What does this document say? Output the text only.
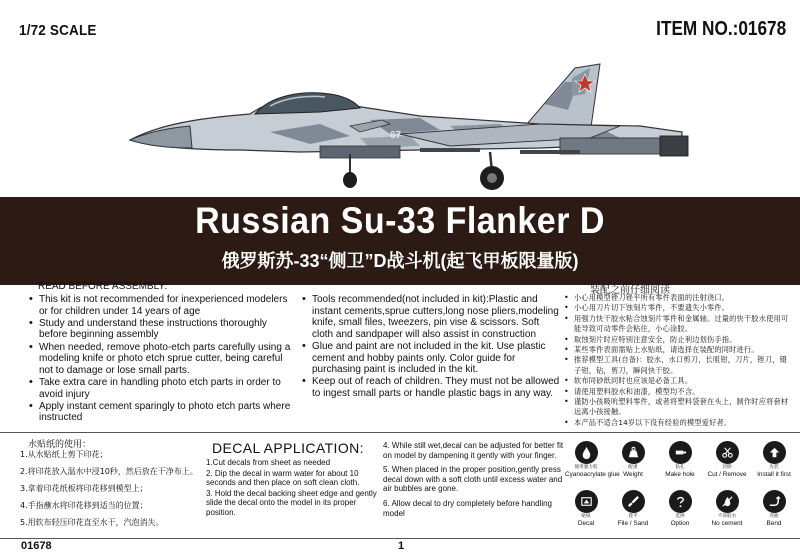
1/72 SCALE	ITEM NO.:01678
67
Russian Su-33 Flanker D
俄罗斯苏-33“侧卫”D战斗机(起飞甲板限量版)
READ BEFORE ASSEMBLY:
• This kit is not recommended for inexperienced modelers or for children under 14 years of age
• Study and understand these instructions thoroughly before beginning assembly
• When needed, remove photo-etch parts carefully using a modeling knife or photo etch sprue cutter, being careful not to damage or lose small parts.
• Take extra care in handling photo etch parts in order to avoid injury
• Apply instant cement sparingly to photo etch parts where instructed
• Tools recommended(not included in kit):Plastic and instant cements,sprue cutters,long nose pliers,modeling knife, small files, tweezers, pin vise & scissors. Soft cloth and sandpaper will also assist in construction
• Glue and paint are not included in the kit. Use plastic cement and hobby paints only. Color guide for purchasing paint is included in the kit.
• Keep out of reach of children. They must not be allowed to ingest small parts or handle plastic bags in any way.
装配之前仔细阅读
• 小心用模型锉刀锉平所有零件表面的注射浇口。
• 小心用刀片切下蚀刻片零件，不要遗失小零件。
• 用强力快干胶水粘合蚀刻片零件和金属轴。过量的快干胶水使用可能导致可动零件会粘住，小心涂胶。
• 取蚀刻片时应特别注意安全，防止利边划伤手指。
• 某些零件表面需贴上水贴纸，请选择在装配的同时进行。
• 推荐模型工具(自备)：胶水，水口剪刀，长咀钳，刀片，锉刀，镊子钳，钻，剪刀，瞬间快干胶。
• 软布同砂纸同时也应该是必备工具。
• 请使用塑料胶水和油漆，模型均不含。
• 谨防小孩吸吮塑料零件，或者将塑料袋套在头上，制作时应将套材远离小孩接触。
• 本产品不适合14岁以下没有经验的模型爱好者。
水贴纸的使用：
1.从水贴纸上剪下印花；
2.将印花放入温水中浸10秒，然后放在干净布上。
3.拿着印花纸板将印花移到模型上；
4.手指蘸水将印花移到适当的位置；
5.用软布轻压印花直至水干，汽泡消失。
DECAL APPLICATION:
1.Cut decals from sheet as needed
2. Dip the decal in warm water for about 10 seconds and then place on soft clean cloth.
3. Hold the decal backing sheet edge and gently slide the decal onto the model in its proper position.
4. While still wet,decal can be adjusted for better fit on model by dampening it gently with your finger.
5. When placed in the proper position,gently press decal down with a soft cloth until excess water and air bubbles are gone.
6. Allow decal to dry completely before handling model
使用强力胶
Cyanoacrylate glue
配重
Weight
钻孔
Make hole
切除
Cut / Remove
先装
Install it first
贴纸
Decal
锉平
File / Sand
选择
Option
不涂胶水
No cement
弯曲
Bend
01678	1
